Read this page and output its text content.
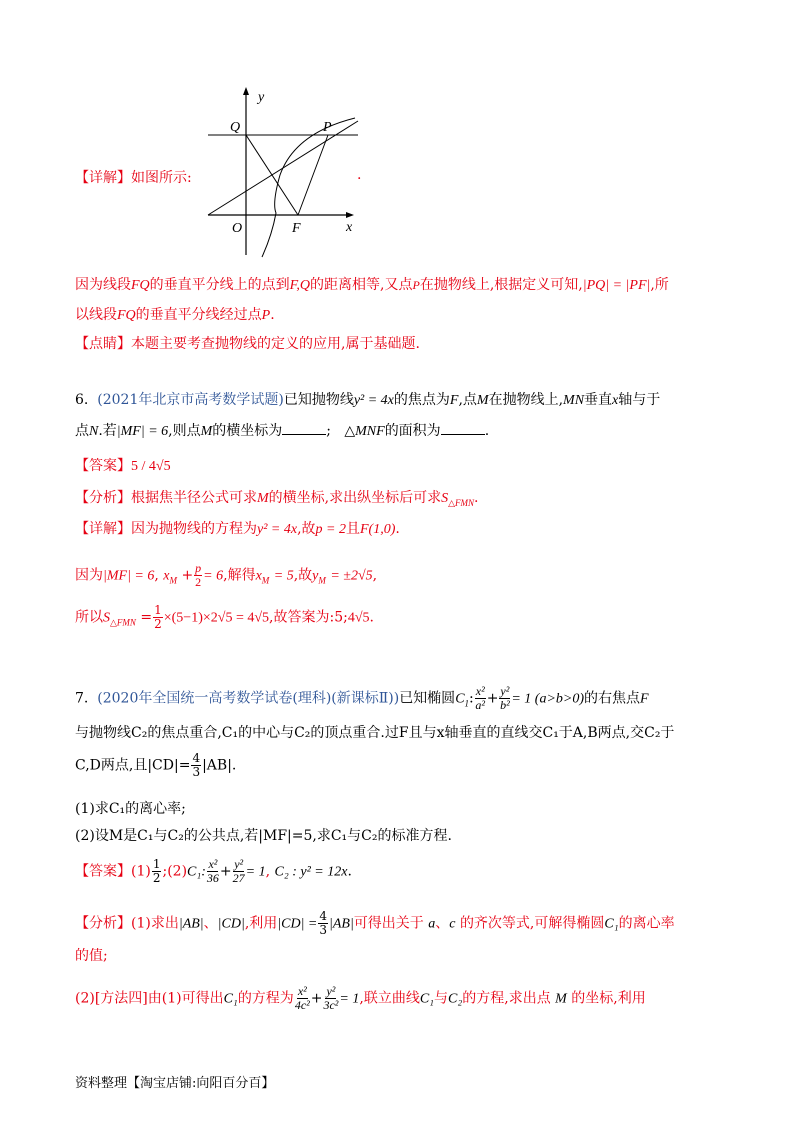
y
x
Q	P
O	F
【详解】如图所示:	.
因为线段FQ的垂直平分线上的点到F,Q的距离相等,又点P在抛物线上,根据定义可知,|PQ| = |PF|,所
以线段FQ的垂直平分线经过点P.
【点睛】本题主要考查抛物线的定义的应用,属于基础题.
6. (2021年北京市高考数学试题)已知抛物线y² = 4x的焦点为F,点M在抛物线上,MN垂直x轴与于
点N.若|MF| = 6,则点M的横坐标为	; △MNF的面积为	.
【答案】5 / 4√5
【分析】根据焦半径公式可求M的横坐标,求出纵坐标后可求$S_{\triangle FMN}$.
【详解】因为抛物线的方程为y² = 4x,故p = 2且F(1,0).
因为|MF| = 6, $x_M + \frac{p}{2} = 6$,解得$x_M = 5$,故$y_M = \pm 2√5$,
所以$S_{\triangle FMN} = \frac{1}{2} \times(5-1)\times 2√5 = 4√5$,故答案为:5;4√5.
7. (2020年全国统一高考数学试卷(理科)(新课标Ⅱ))已知椭圆$C_1$: $\frac{\text{x²}}{\text{a²}} + \frac{\text{y²}}{\text{b²}} = 1$ (a>b>0)的右焦点F
与抛物线C₂的焦点重合,C₁的中心与C₂的顶点重合.过F且与x轴垂直的直线交C₁于A,B两点,交C₂于
C,D两点,且$|CD|= \frac{4}{3} |AB|$.
(1)求C₁的离心率;
(2)设M是C₁与C₂的公共点,若|MF|=5,求C₁与C₂的标准方程.
【答案】$(1) \frac{1}{2}$ ;(2)C₁: $\frac{\text{x²}}{36} + \frac{\text{y²}}{27} = 1$, C₂ : y² = 12x.
【分析】(1)求出|AB|、|CD|,利用$|CD| = \frac{4}{3} |AB|$可得出关于 a、c 的齐次等式,可解得椭圆C₁的离心率
的值;
(2)[方法四]由(1)可得出C₁的方程为 $\frac{\text{x²}}{\text{4c²}} + \frac{\text{y²}}{\text{3c²}} = 1$,联立曲线C₁与C₂的方程,求出点 M 的坐标,利用
资料整理【淘宝店铺:向阳百分百】
